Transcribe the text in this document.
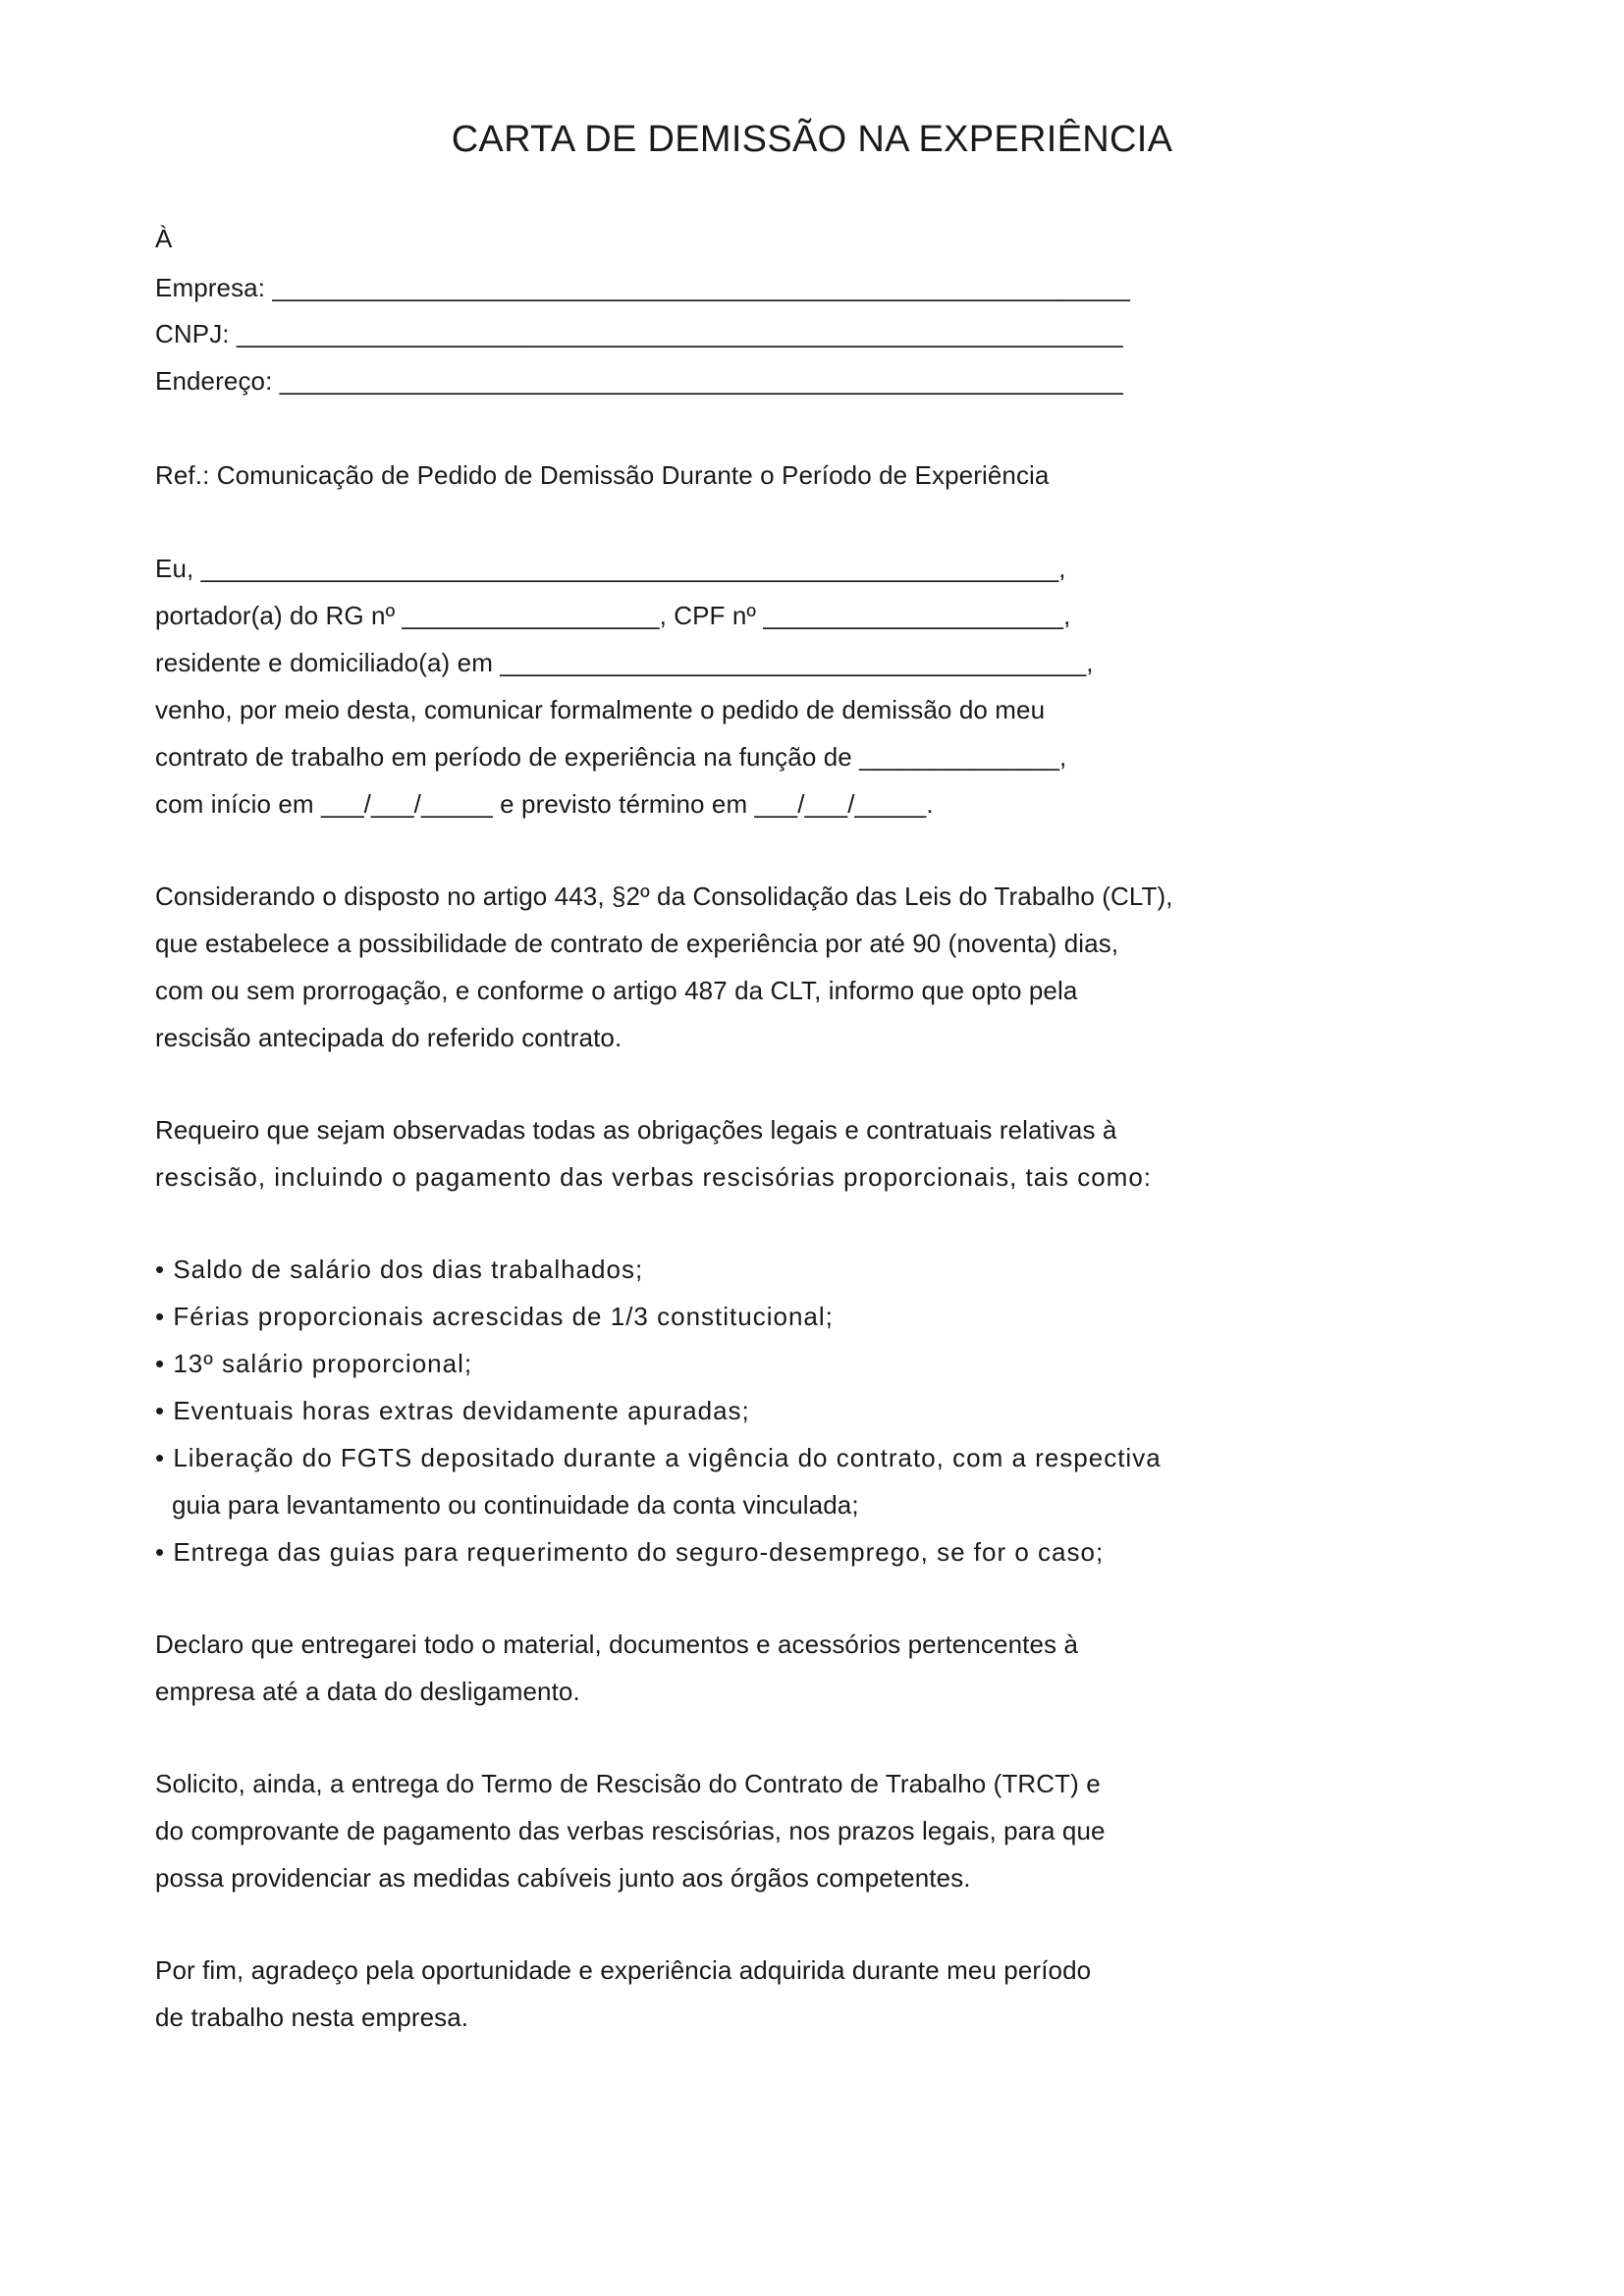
CARTA DE DEMISSÃO NA EXPERIÊNCIA
À
Empresa: ____________________________________________________________
CNPJ: ______________________________________________________________
Endereço: ___________________________________________________________
Ref.: Comunicação de Pedido de Demissão Durante o Período de Experiência
Eu, ____________________________________________________________,
portador(a) do RG nº __________________, CPF nº _____________________,
residente e domiciliado(a) em _________________________________________,
venho, por meio desta, comunicar formalmente o pedido de demissão do meu
contrato de trabalho em período de experiência na função de ______________,
com início em ___/___/_____ e previsto término em ___/___/_____.
Considerando o disposto no artigo 443, §2º da Consolidação das Leis do Trabalho (CLT),
que estabelece a possibilidade de contrato de experiência por até 90 (noventa) dias,
com ou sem prorrogação, e conforme o artigo 487 da CLT, informo que opto pela
rescisão antecipada do referido contrato.
Requeiro que sejam observadas todas as obrigações legais e contratuais relativas à
rescisão, incluindo o pagamento das verbas rescisórias proporcionais, tais como:
• Saldo de salário dos dias trabalhados;
• Férias proporcionais acrescidas de 1/3 constitucional;
• 13º salário proporcional;
• Eventuais horas extras devidamente apuradas;
• Liberação do FGTS depositado durante a vigência do contrato, com a respectiva
guia para levantamento ou continuidade da conta vinculada;
• Entrega das guias para requerimento do seguro-desemprego, se for o caso;
Declaro que entregarei todo o material, documentos e acessórios pertencentes à
empresa até a data do desligamento.
Solicito, ainda, a entrega do Termo de Rescisão do Contrato de Trabalho (TRCT) e
do comprovante de pagamento das verbas rescisórias, nos prazos legais, para que
possa providenciar as medidas cabíveis junto aos órgãos competentes.
Por fim, agradeço pela oportunidade e experiência adquirida durante meu período
de trabalho nesta empresa.
